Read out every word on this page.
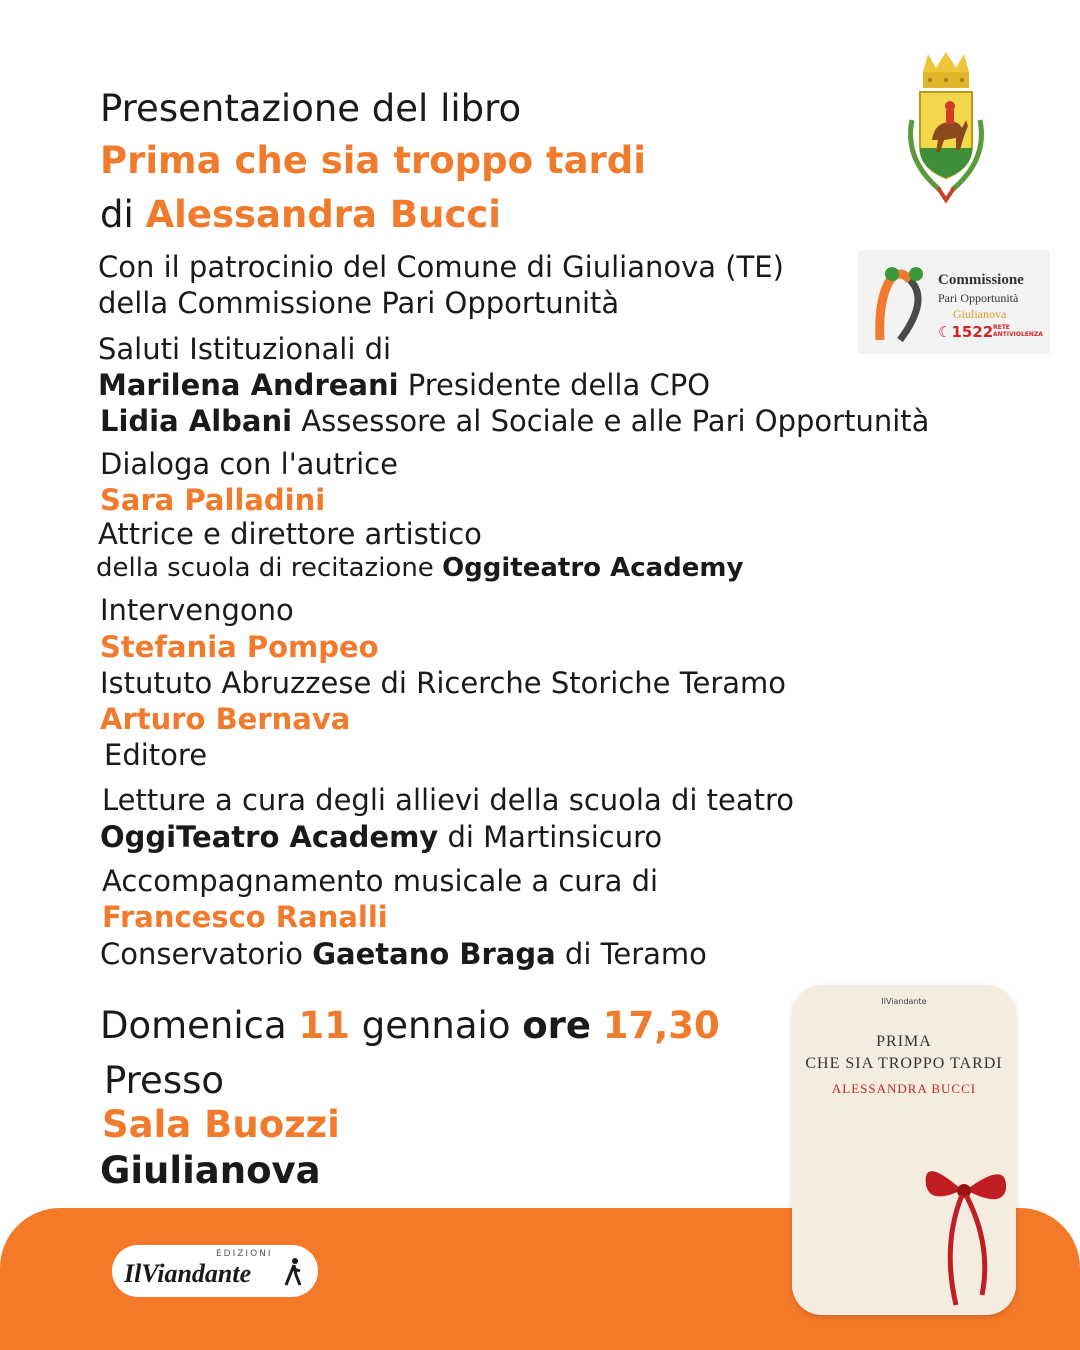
Presentazione del libro
Prima che sia troppo tardi
di Alessandra Bucci
Con il patrocinio del Comune di Giulianova (TE)
della Commissione Pari Opportunità
Commissione
Pari Opportunità
Giulianova
☾1522 RETE
ANTIVIOLENZA
Saluti Istituzionali di
Marilena Andreani Presidente della CPO
Lidia Albani Assessore al Sociale e alle Pari Opportunità
Dialoga con l'autrice
Sara Palladini
Attrice e direttore artistico
della scuola di recitazione Oggiteatro Academy
Intervengono
Stefania Pompeo
Istututo Abruzzese di Ricerche Storiche Teramo
Arturo Bernava
Editore
Letture a cura degli allievi della scuola di teatro
OggiTeatro Academy di Martinsicuro
Accompagnamento musicale a cura di
Francesco Ranalli
Conservatorio Gaetano Braga di Teramo
Domenica 11 gennaio ore 17,30
Presso
Sala Buozzi
Giulianova
EDIZIONI
IlViandante
IlViandante
PRIMA
CHE SIA TROPPO TARDI
ALESSANDRA BUCCI
